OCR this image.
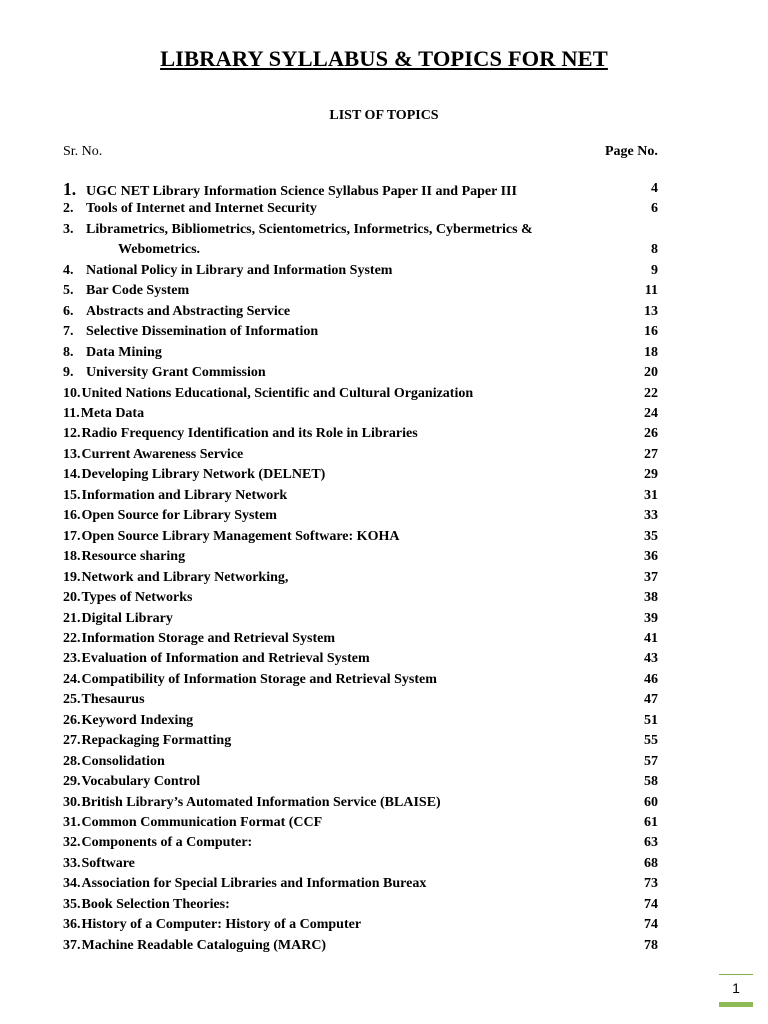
LIBRARY SYLLABUS & TOPICS FOR NET
LIST OF TOPICS
Sr. No.	Page No.
1. UGC NET Library Information Science Syllabus Paper II and Paper III	4
2. Tools of Internet and Internet Security	6
3. Librametrics, Bibliometrics, Scientometrics, Informetrics, Cybermetrics &
Webometrics.	8
4. National Policy in Library and Information System	9
5. Bar Code System	11
6. Abstracts and Abstracting Service	13
7. Selective Dissemination of Information	16
8. Data Mining	18
9. University Grant Commission	20
10.United Nations Educational, Scientific and Cultural Organization	22
11.Meta Data	24
12.Radio Frequency Identification and its Role in Libraries	26
13.Current Awareness Service	27
14.Developing Library Network (DELNET)	29
15.Information and Library Network	31
16.Open Source for Library System	33
17.Open Source Library Management Software: KOHA	35
18.Resource sharing	36
19.Network and Library Networking,	37
20.Types of Networks	38
21.Digital Library	39
22.Information Storage and Retrieval System	41
23.Evaluation of Information and Retrieval System	43
24.Compatibility of Information Storage and Retrieval System	46
25.Thesaurus	47
26.Keyword Indexing	51
27.Repackaging Formatting	55
28.Consolidation	57
29.Vocabulary Control	58
30.British Library’s Automated Information Service (BLAISE)	60
31.Common Communication Format (CCF	61
32.Components of a Computer:	63
33.Software	68
34.Association for Special Libraries and Information Bureax	73
35.Book Selection Theories:	74
36.History of a Computer: History of a Computer	74
37.Machine Readable Cataloguing (MARC)	78
1
